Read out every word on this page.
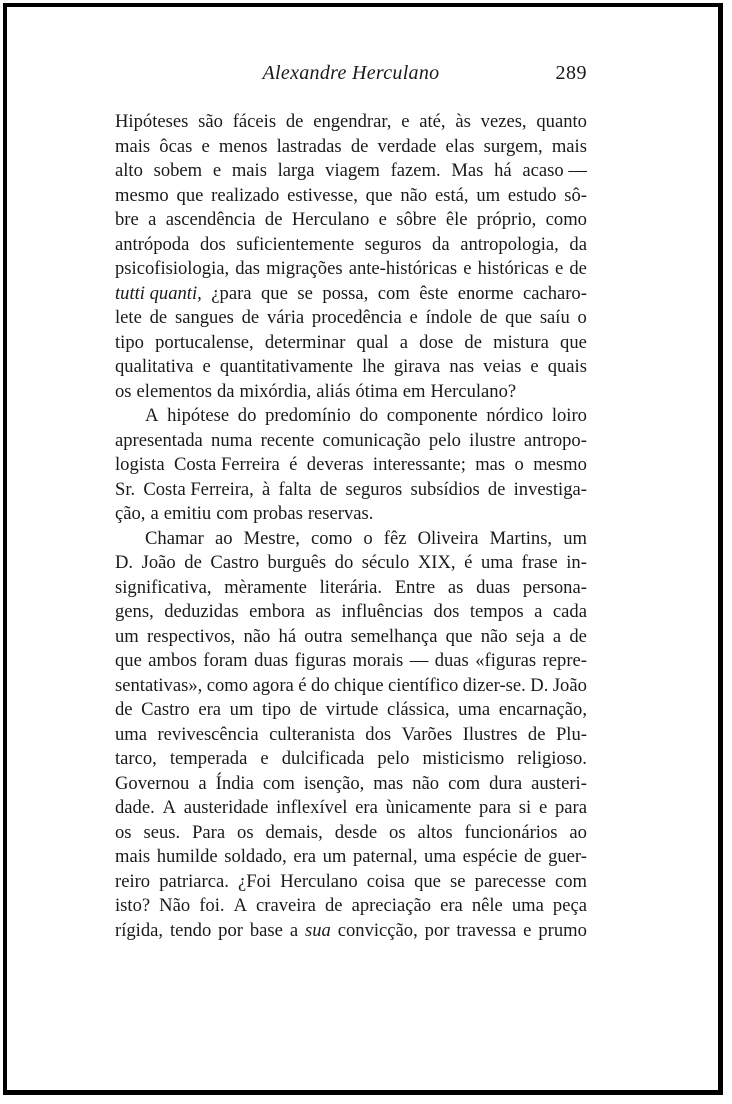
Alexandre Herculano	289
Hipóteses são fáceis de engendrar, e até, às vezes, quanto
mais ôcas e menos lastradas de verdade elas surgem, mais
alto sobem e mais larga viagem fazem. Mas há acaso —
mesmo que realizado estivesse, que não está, um estudo sô-
bre a ascendência de Herculano e sôbre êle próprio, como
antrópoda dos suficientemente seguros da antropologia, da
psicofisiologia, das migrações ante-históricas e históricas e de
tutti quanti, ¿para que se possa, com êste enorme cacharo-
lete de sangues de vária procedência e índole de que saíu o
tipo portucalense, determinar qual a dose de mistura que
qualitativa e quantitativamente lhe girava nas veias e quais
os elementos da mixórdia, aliás ótima em Herculano?
A hipótese do predomínio do componente nórdico loiro
apresentada numa recente comunicação pelo ilustre antropo-
logista Costa Ferreira é deveras interessante; mas o mesmo
Sr. Costa Ferreira, à falta de seguros subsídios de investiga-
ção, a emitiu com probas reservas.
Chamar ao Mestre, como o fêz Oliveira Martins, um
D. João de Castro burguês do século XIX, é uma frase in-
significativa, mèramente literária. Entre as duas persona-
gens, deduzidas embora as influências dos tempos a cada
um respectivos, não há outra semelhança que não seja a de
que ambos foram duas figuras morais — duas «figuras repre-
sentativas», como agora é do chique científico dizer-se. D. João
de Castro era um tipo de virtude clássica, uma encarnação,
uma revivescência culteranista dos Varões Ilustres de Plu-
tarco, temperada e dulcificada pelo misticismo religioso.
Governou a Índia com isenção, mas não com dura austeri-
dade. A austeridade inflexível era ùnicamente para si e para
os seus. Para os demais, desde os altos funcionários ao
mais humilde soldado, era um paternal, uma espécie de guer-
reiro patriarca. ¿Foi Herculano coisa que se parecesse com
isto? Não foi. A craveira de apreciação era nêle uma peça
rígida, tendo por base a sua convicção, por travessa e prumo
